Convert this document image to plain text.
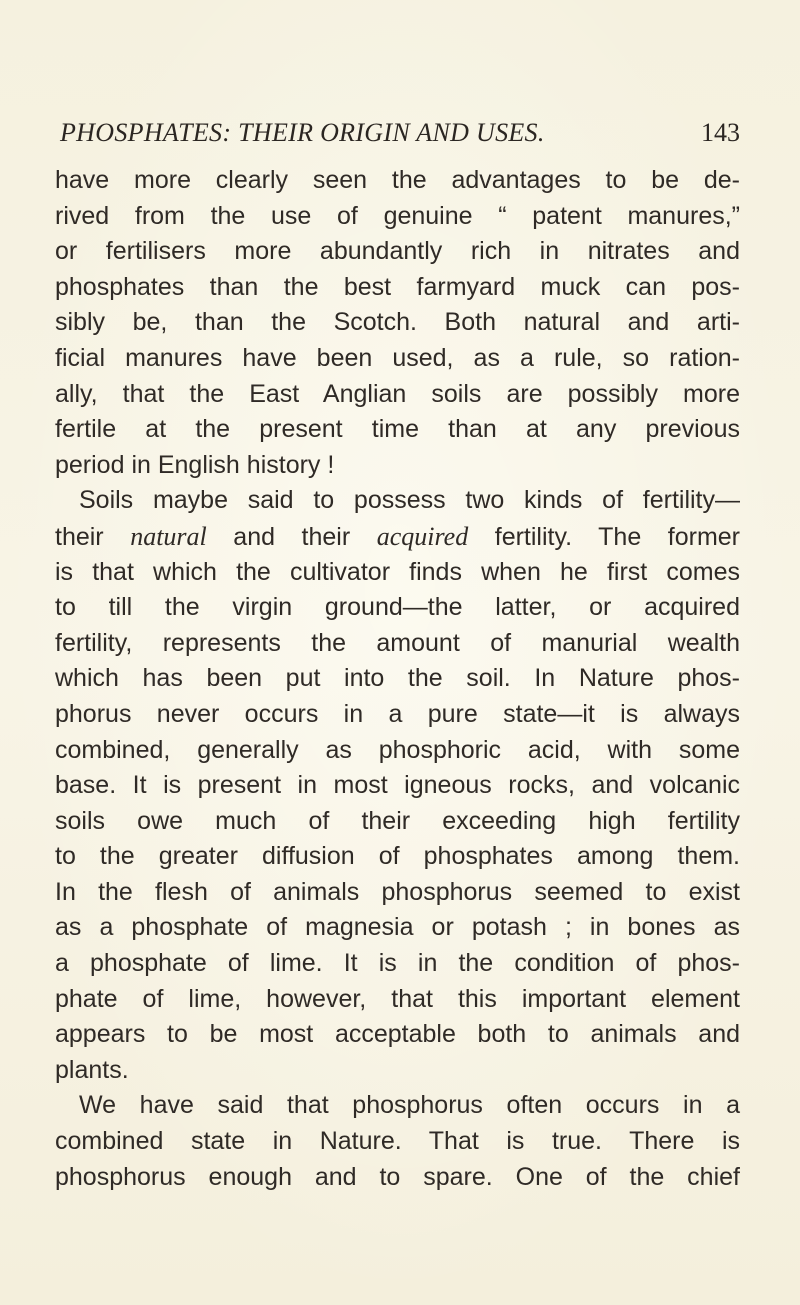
PHOSPHATES: THEIR ORIGIN AND USES.	143
have more clearly seen the advantages to be de-
rived from the use of genuine “ patent manures,”
or fertilisers more abundantly rich in nitrates and
phosphates than the best farmyard muck can pos-
sibly be, than the Scotch. Both natural and arti-
ficial manures have been used, as a rule, so ration-
ally, that the East Anglian soils are possibly more
fertile at the present time than at any previous
period in English history !
Soils maybe said to possess two kinds of fertility—
their natural and their acquired fertility. The former
is that which the cultivator finds when he first comes
to till the virgin ground—the latter, or acquired
fertility, represents the amount of manurial wealth
which has been put into the soil. In Nature phos-
phorus never occurs in a pure state—it is always
combined, generally as phosphoric acid, with some
base. It is present in most igneous rocks, and volcanic
soils owe much of their exceeding high fertility
to the greater diffusion of phosphates among them.
In the flesh of animals phosphorus seemed to exist
as a phosphate of magnesia or potash ; in bones as
a phosphate of lime. It is in the condition of phos-
phate of lime, however, that this important element
appears to be most acceptable both to animals and
plants.
We have said that phosphorus often occurs in a
combined state in Nature. That is true. There is
phosphorus enough and to spare. One of the chief
